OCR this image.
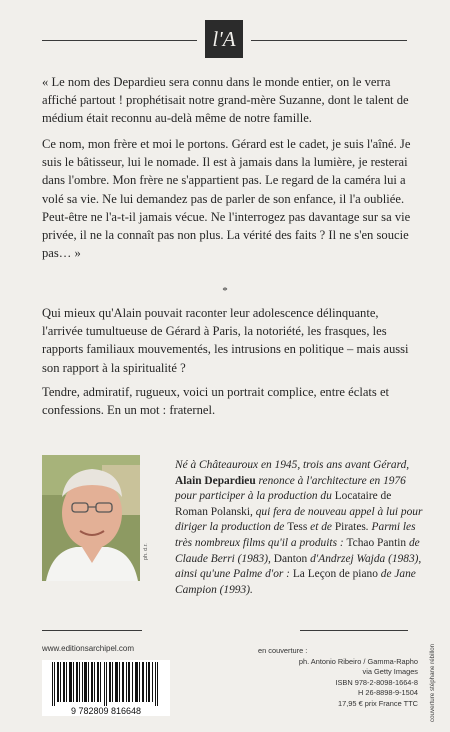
l'A

« Le nom des Depardieu sera connu dans le monde entier, on le verra affiché partout ! prophétisait notre grand-mère Suzanne, dont le talent de médium était reconnu au-delà même de notre famille.

Ce nom, mon frère et moi le portons. Gérard est le cadet, je suis l'aîné. Je suis le bâtisseur, lui le nomade. Il est à jamais dans la lumière, je resterai dans l'ombre. Mon frère ne s'appartient pas. Le regard de la caméra lui a volé sa vie. Ne lui demandez pas de parler de son enfance, il l'a oubliée. Peut-être ne l'a-t-il jamais vécue. Ne l'interrogez pas davantage sur sa vie privée, il ne la connaît pas non plus. La vérité des faits ? Il ne s'en soucie pas… »

*

Qui mieux qu'Alain pouvait raconter leur adolescence délinquante, l'arrivée tumultueuse de Gérard à Paris, la notoriété, les frasques, les rapports familiaux mouvementés, les intrusions en politique – mais aussi son rapport à la spiritualité ?

Tendre, admiratif, rugueux, voici un portrait complice, entre éclats et confessions. En un mot : fraternel.

ph. d.r.
Né à Châteauroux en 1945, trois ans avant Gérard, Alain Depardieu renonce à l'architecture en 1976 pour participer à la production du Locataire de Roman Polanski, qui fera de nouveau appel à lui pour diriger la production de Tess et de Pirates. Parmi les très nombreux films qu'il a produits : Tchao Pantin de Claude Berri (1983), Danton d'Andrzej Wajda (1983), ainsi qu'une Palme d'or : La Leçon de piano de Jane Campion (1993).
www.editionsarchipel.com
9 782809 816648
en couverture :
ph. Antonio Ribeiro / Gamma-Rapho
via Getty Images
ISBN 978-2-8098-1664-8
H 26-8898-9-1504
17,95 € prix France TTC couverture stéphane rébillon
